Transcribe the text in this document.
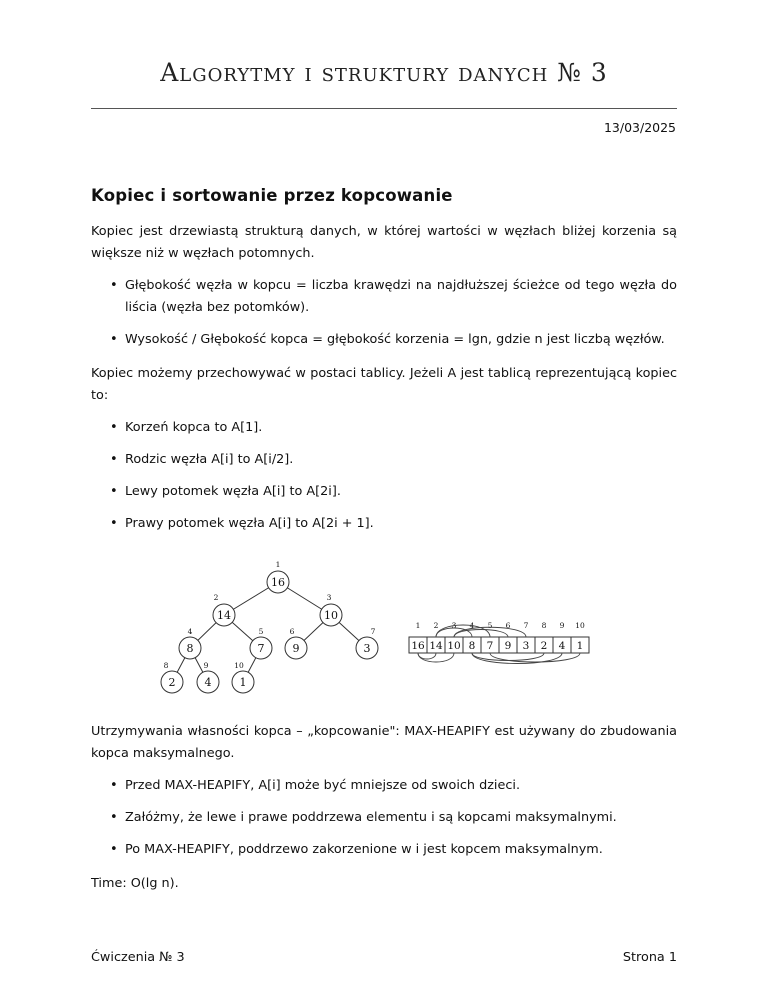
Algorytmy i struktury danych № 3
13/03/2025
Kopiec i sortowanie przez kopcowanie

Kopiec jest drzewiastą strukturą danych, w której wartości w węzłach bliżej korzenia są większe niż w węzłach potomnych.

• Głębokość węzła w kopcu = liczba krawędzi na najdłuższej ścieżce od tego węzła do liścia (węzła bez potomków).
• Wysokość / Głębokość kopca = głębokość korzenia = lgn, gdzie n jest liczbą węzłów.

Kopiec możemy przechowywać w postaci tablicy. Jeżeli A jest tablicą reprezentującą kopiec to:

• Korzeń kopca to A[1].
• Rodzic węzła A[i] to A[i/2].
• Lewy potomek węzła A[i] to A[2i].
• Prawy potomek węzła A[i] to A[2i + 1].
16
1
14
2
10
3
8
4
7
5
9
6
3
7
2
8
4
9
1
10
16
1
14
2
10
3
8
4
7
5
9
6
3
7
2
8
4
9
1
10

Utrzymywania własności kopca – „kopcowanie": MAX-HEAPIFY est używany do zbudowania kopca maksymalnego.

• Przed MAX-HEAPIFY, A[i] może być mniejsze od swoich dzieci.
• Załóżmy, że lewe i prawe poddrzewa elementu i są kopcami maksymalnymi.
• Po MAX-HEAPIFY, poddrzewo zakorzenione w i jest kopcem maksymalnym.

Time: O(lg n).

Ćwiczenia № 3	Strona 1
